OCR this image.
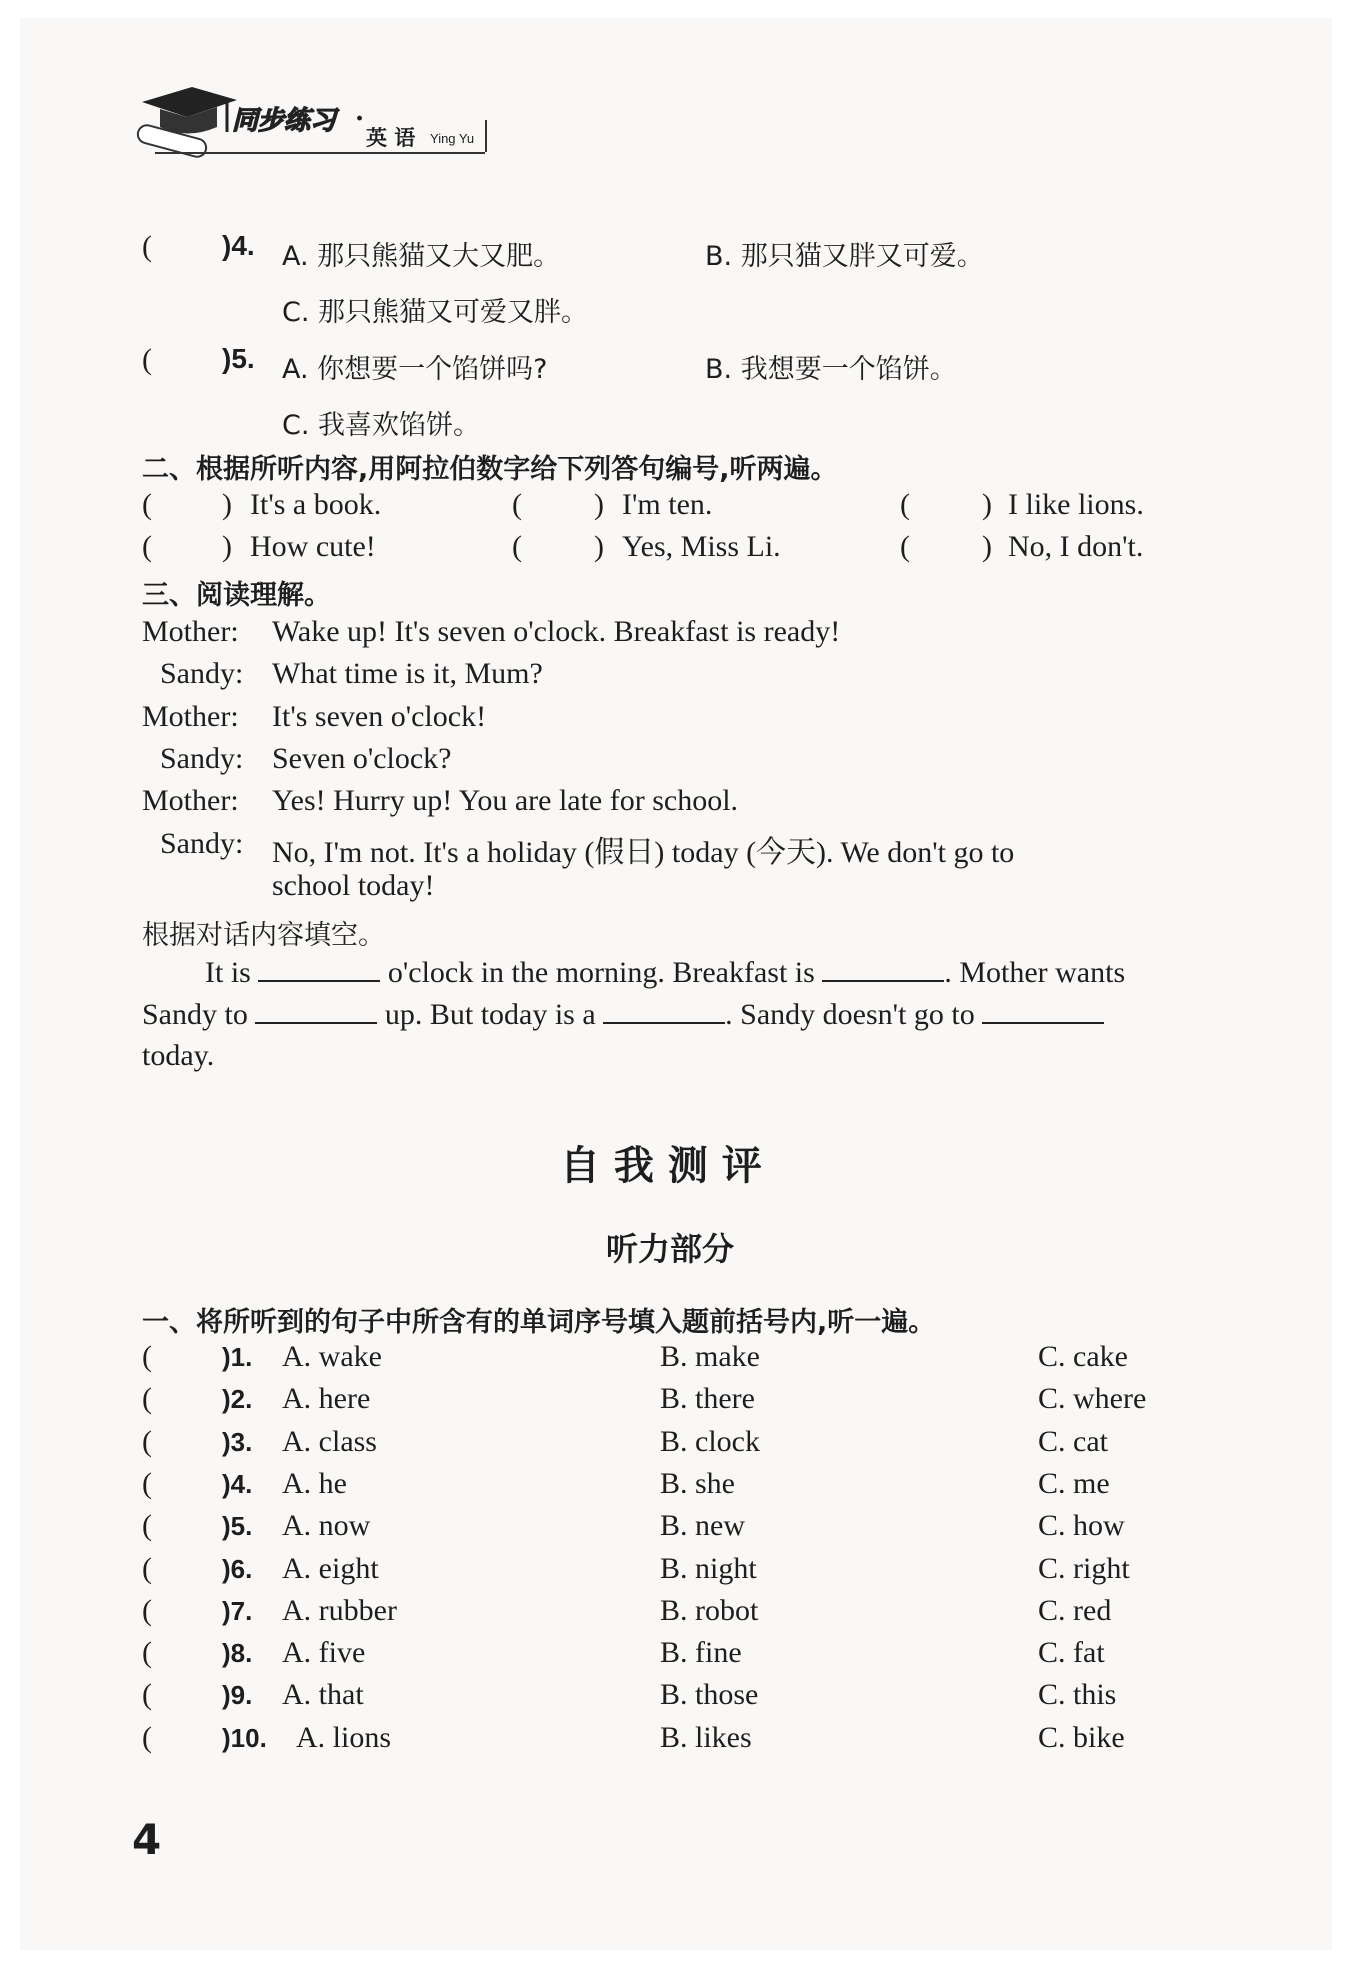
同步练习 ·
英 语 Ying Yu
(	)4. A. 那只熊猫又大又肥。	B. 那只猫又胖又可爱。
C. 那只熊猫又可爱又胖。
(	)5. A. 你想要一个馅饼吗?	B. 我想要一个馅饼。
C. 我喜欢馅饼。
二、根据所听内容,用阿拉伯数字给下列答句编号,听两遍。
( ) It's a book.	( ) I'm ten.	( ) I like lions.
( ) How cute!	( ) Yes, Miss Li.	( ) No, I don't.
三、阅读理解。
Mother: Wake up! It's seven o'clock. Breakfast is ready!
Sandy: What time is it, Mum?
Mother: It's seven o'clock!
Sandy: Seven o'clock?
Mother: Yes! Hurry up! You are late for school.
Sandy: No, I'm not. It's a holiday (假日) today (今天). We don't go to
school today!
根据对话内容填空。
It is	o'clock in the morning. Breakfast is	. Mother wants
Sandy to	up. But today is a	. Sandy doesn't go to
today.
自 我 测 评
听力部分
一、将所听到的句子中所含有的单词序号填入题前括号内,听一遍。
(	)1. A. wake	B. make	C. cake
(	)2. A. here	B. there	C. where
(	)3. A. class	B. clock	C. cat
(	)4. A. he	B. she	C. me
(	)5. A. now	B. new	C. how
(	)6. A. eight	B. night	C. right
(	)7. A. rubber	B. robot	C. red
(	)8. A. five	B. fine	C. fat
(	)9. A. that	B. those	C. this
(	)10. A. lions	B. likes	C. bike
4
